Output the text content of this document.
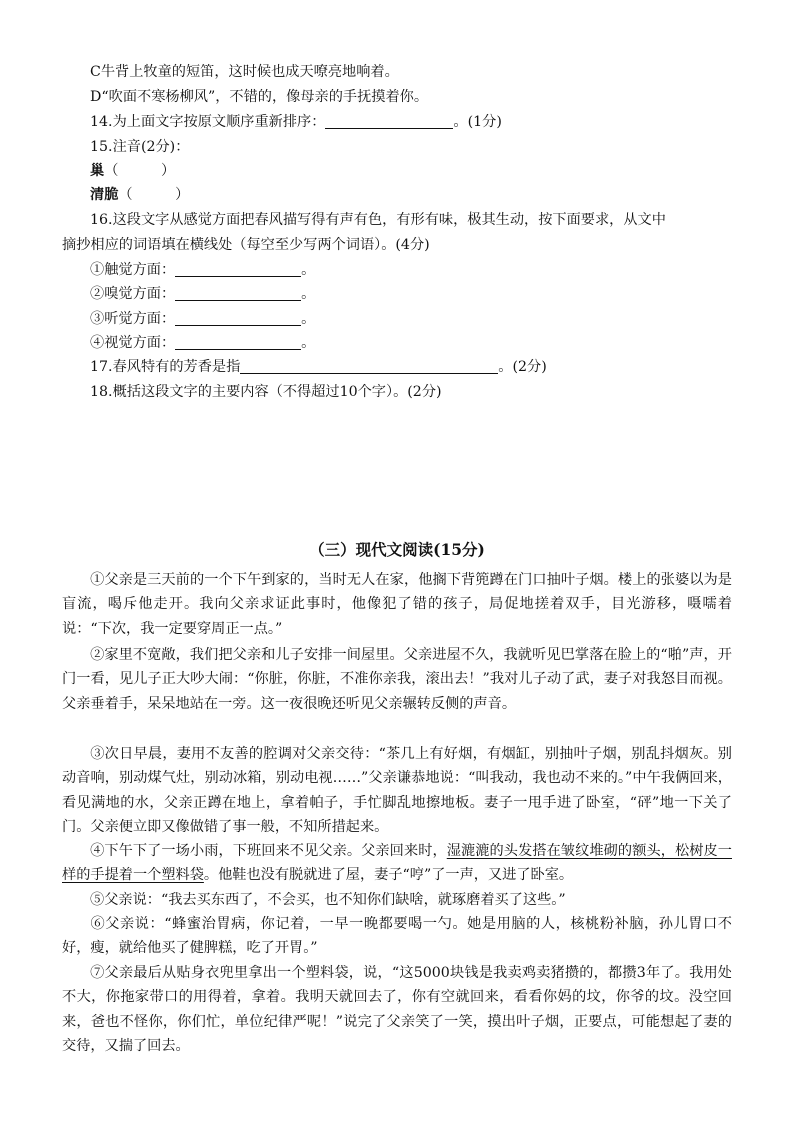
C牛背上牧童的短笛，这时候也成天嘹亮地响着。
D“吹面不寒杨柳风”，不错的，像母亲的手抚摸着你。
14.为上面文字按原文顺序重新排序：	。(1分)
15.注音(2分)：
巢（　　　）
清脆（　　　）
16.这段文字从感觉方面把春风描写得有声有色，有形有味，极其生动，按下面要求，从文中
摘抄相应的词语填在横线处（每空至少写两个词语）。(4分)
①触觉方面：	。
②嗅觉方面：	。
③听觉方面：	。
④视觉方面：	。
17.春风特有的芳香是指	。(2分)
18.概括这段文字的主要内容（不得超过10个字）。(2分)
（三）现代文阅读(15分)
①父亲是三天前的一个下午到家的，当时无人在家，他搁下背篼蹲在门口抽叶子烟。楼上的张婆以为是盲流，喝斥他走开。我向父亲求证此事时，他像犯了错的孩子，局促地搓着双手，目光游移，嗫嚅着说：“下次，我一定要穿周正一点。”
②家里不宽敞，我们把父亲和儿子安排一间屋里。父亲进屋不久，我就听见巴掌落在脸上的“啪”声，开门一看，见儿子正大吵大闹：“你脏，你脏，不准你亲我，滚出去！”我对儿子动了武，妻子对我怒目而视。父亲垂着手，呆呆地站在一旁。这一夜很晚还听见父亲辗转反侧的声音。
③次日早晨，妻用不友善的腔调对父亲交待：“茶几上有好烟，有烟缸，别抽叶子烟，别乱抖烟灰。别动音响，别动煤气灶，别动冰箱，别动电视……”父亲谦恭地说：“叫我动，我也动不来的。”中午我俩回来，看见满地的水，父亲正蹲在地上，拿着帕子，手忙脚乱地擦地板。妻子一甩手进了卧室，“砰”地一下关了门。父亲便立即又像做错了事一般，不知所措起来。
④下午下了一场小雨，下班回来不见父亲。父亲回来时，湿漉漉的头发搭在皱纹堆砌的额头，松树皮一样的手提着一个塑料袋。他鞋也没有脱就进了屋，妻子“哼”了一声，又进了卧室。
⑤父亲说：“我去买东西了，不会买，也不知你们缺啥，就琢磨着买了这些。”
⑥父亲说：“蜂蜜治胃病，你记着，一早一晚都要喝一勺。她是用脑的人，核桃粉补脑，孙儿胃口不好，瘦，就给他买了健脾糕，吃了开胃。”
⑦父亲最后从贴身衣兜里拿出一个塑料袋，说，“这5000块钱是我卖鸡卖猪攒的，都攒3年了。我用处不大，你拖家带口的用得着，拿着。我明天就回去了，你有空就回来，看看你妈的坟，你爷的坟。没空回来，爸也不怪你，你们忙，单位纪律严呢！”说完了父亲笑了一笑，摸出叶子烟，正要点，可能想起了妻的交待，又揣了回去。
